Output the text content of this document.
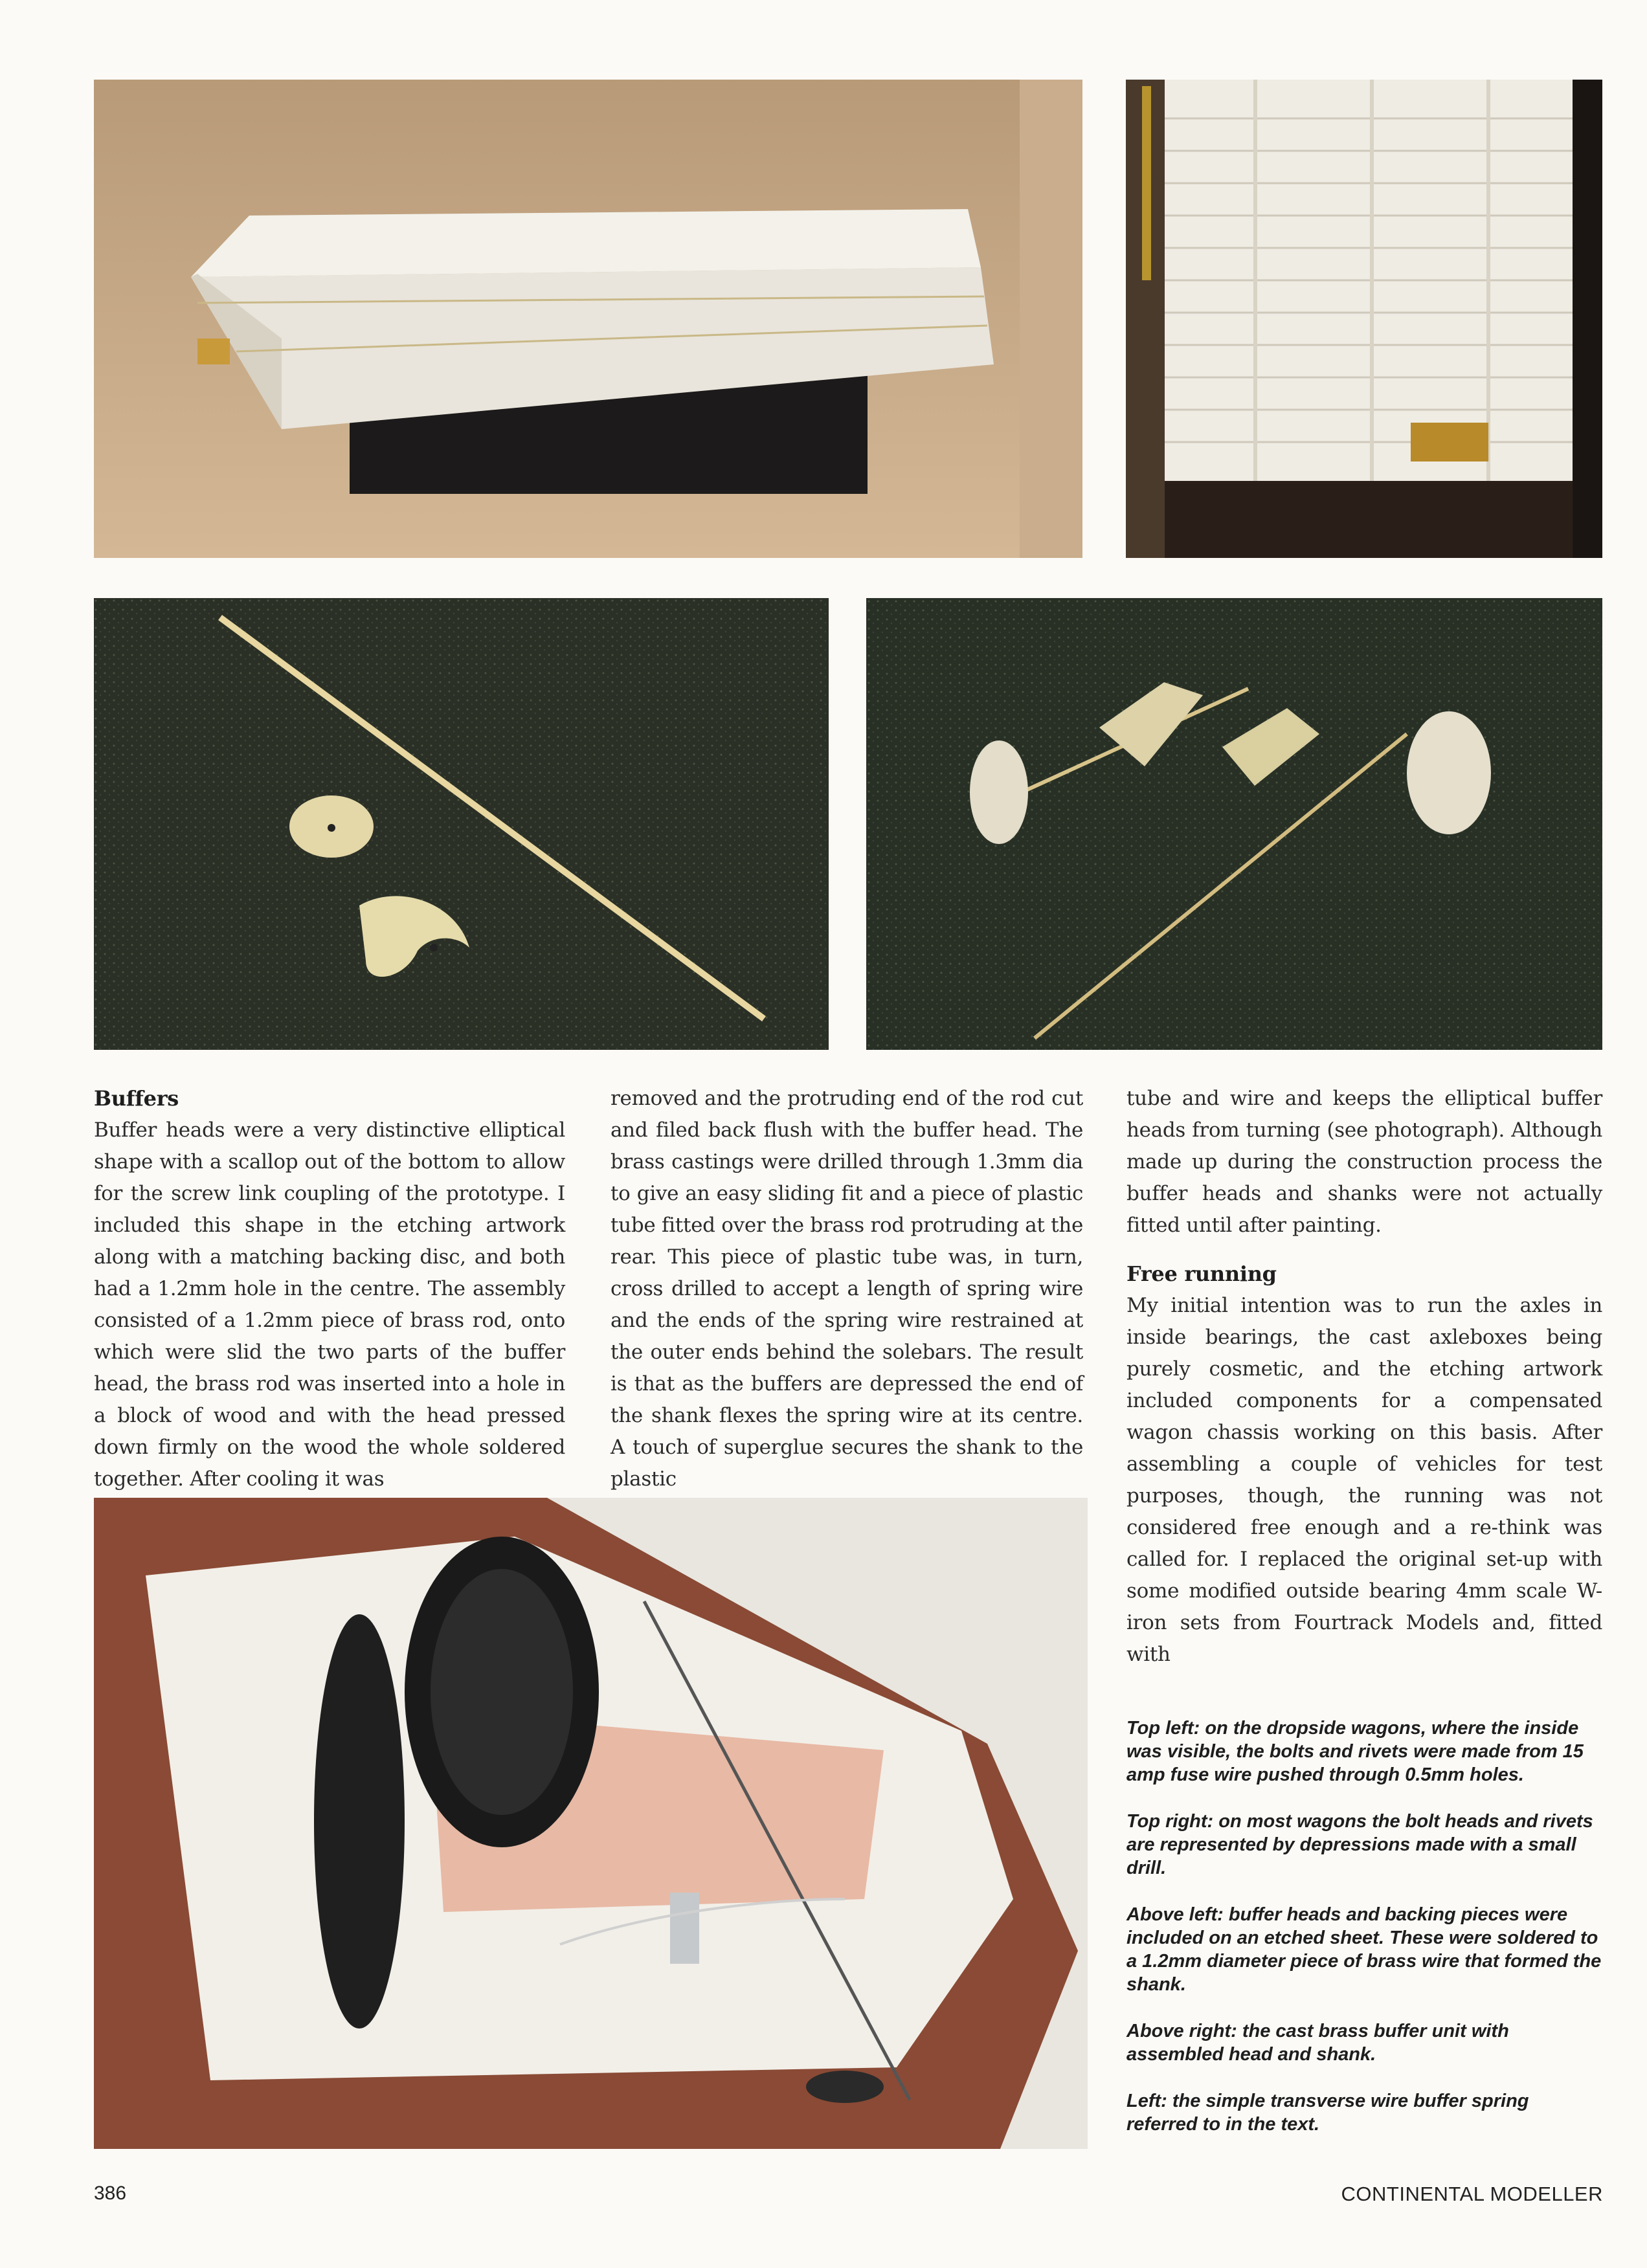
Buffers

Buffer heads were a very distinctive elliptical shape with a scallop out of the bottom to allow for the screw link coupling of the prototype. I included this shape in the etching artwork along with a matching backing disc, and both had a 1.2mm hole in the centre. The assembly consisted of a 1.2mm piece of brass rod, onto which were slid the two parts of the buffer head, the brass rod was inserted into a hole in a block of wood and with the head pressed down firmly on the wood the whole soldered together. After cooling it was

removed and the protruding end of the rod cut and filed back flush with the buffer head. The brass castings were drilled through 1.3mm dia to give an easy sliding fit and a piece of plastic tube fitted over the brass rod protruding at the rear. This piece of plastic tube was, in turn, cross drilled to accept a length of spring wire and the ends of the spring wire restrained at the outer ends behind the solebars. The result is that as the buffers are depressed the end of the shank flexes the spring wire at its centre. A touch of superglue secures the shank to the plastic

tube and wire and keeps the elliptical buffer heads from turning (see photograph). Although made up during the construction process the buffer heads and shanks were not actually fitted until after painting.

Free running

My initial intention was to run the axles in inside bearings, the cast axleboxes being purely cosmetic, and the etching artwork included components for a compensated wagon chassis working on this basis. After assembling a couple of vehicles for test purposes, though, the running was not considered free enough and a re-think was called for. I replaced the original set-up with some modified outside bearing 4mm scale W-iron sets from Fourtrack Models and, fitted with

Top left: on the dropside wagons, where the inside was visible, the bolts and rivets were made from 15 amp fuse wire pushed through 0.5mm holes.

Top right: on most wagons the bolt heads and rivets are represented by depressions made with a small drill.

Above left: buffer heads and backing pieces were included on an etched sheet. These were soldered to a 1.2mm diameter piece of brass wire that formed the shank.

Above right: the cast brass buffer unit with assembled head and shank.

Left: the simple transverse wire buffer spring referred to in the text.

386	CONTINENTAL MODELLER
